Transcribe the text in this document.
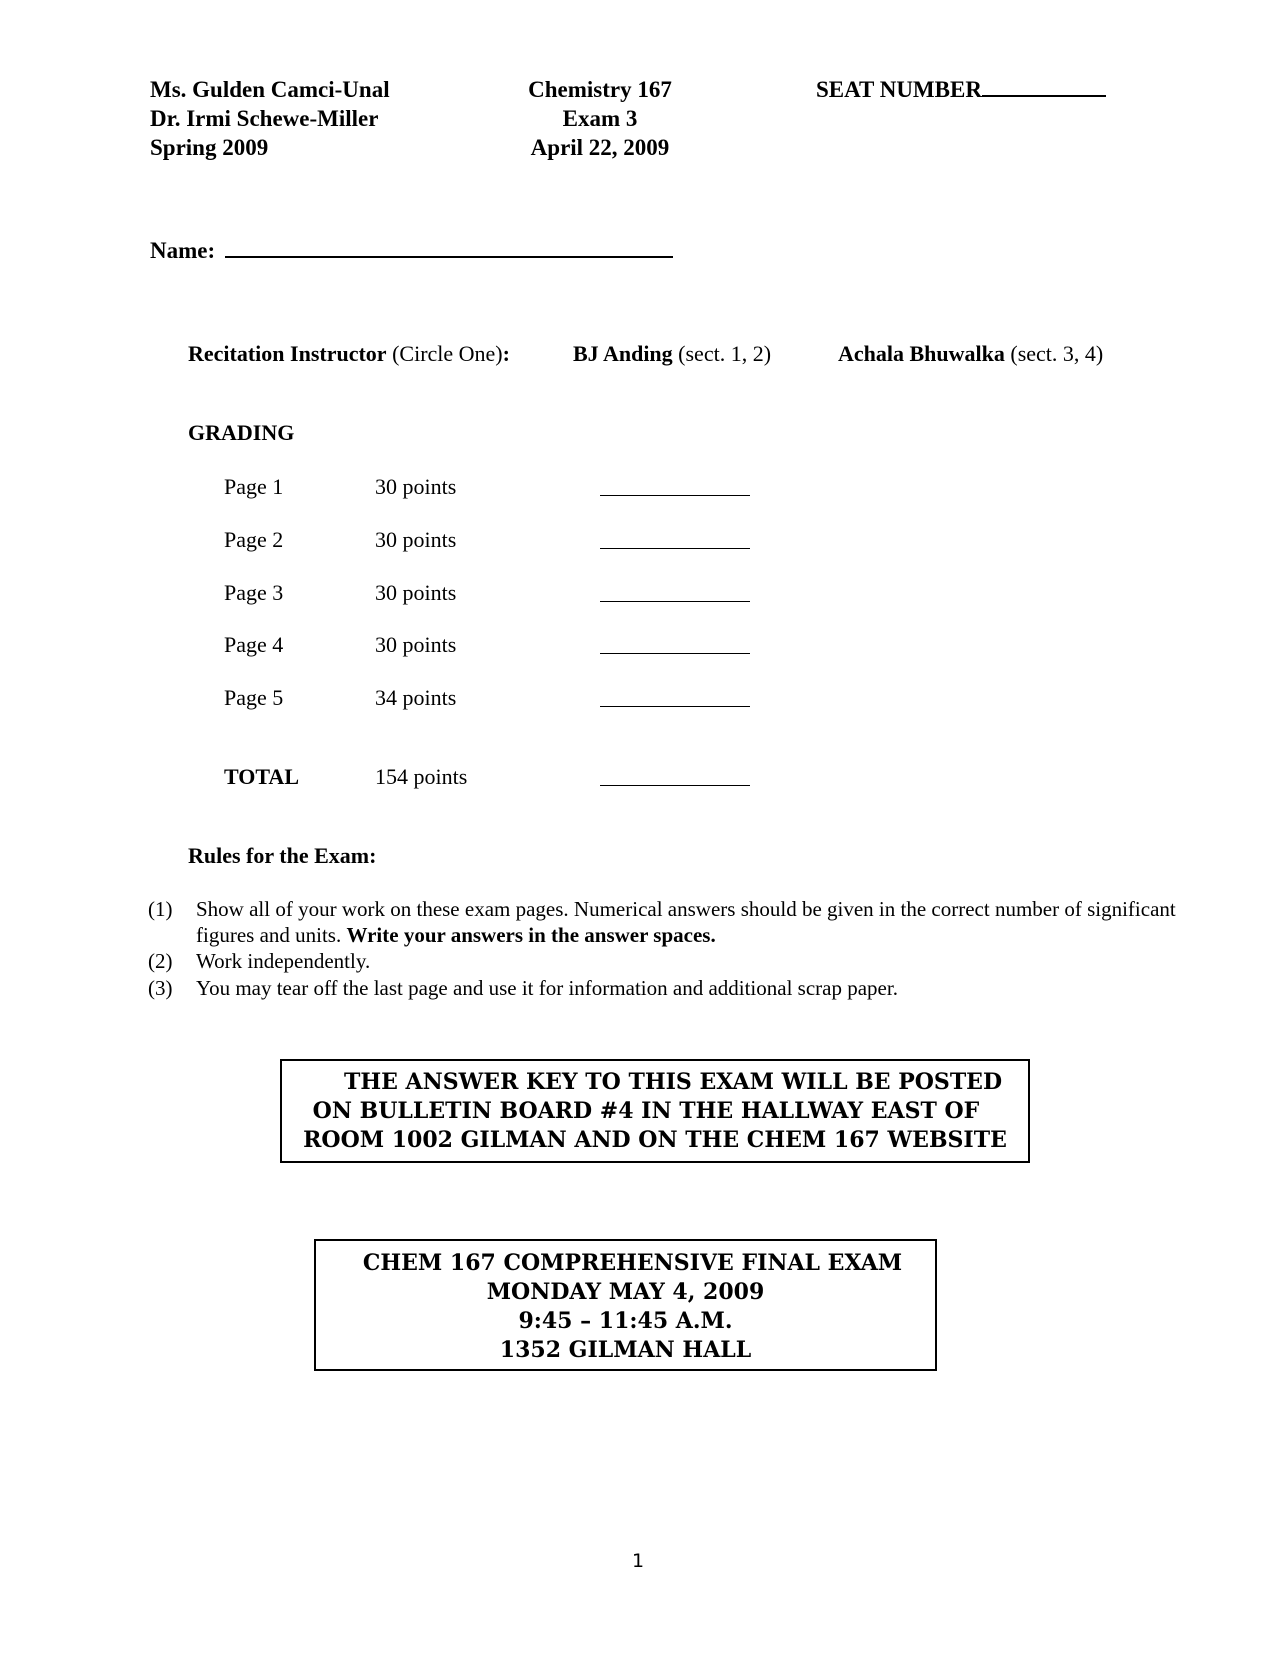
Ms. Gulden Camci-Unal
Dr. Irmi Schewe-Miller
Spring 2009
Chemistry 167
Exam 3
April 22, 2009
SEAT NUMBER
Name:
Recitation Instructor (Circle One):	BJ Anding (sect. 1, 2)	Achala Bhuwalka (sect. 3, 4)
GRADING
Page 1	30 points
Page 2	30 points
Page 3	30 points
Page 4	30 points
Page 5	34 points
TOTAL	154 points
Rules for the Exam:
(1) Show all of your work on these exam pages. Numerical answers should be given in the correct number of significant figures and units. Write your answers in the answer spaces.
(2) Work independently.
(3) You may tear off the last page and use it for information and additional scrap paper.
THE ANSWER KEY TO THIS EXAM WILL BE POSTED
ON BULLETIN BOARD #4 IN THE HALLWAY EAST OF
ROOM 1002 GILMAN AND ON THE CHEM 167 WEBSITE
CHEM 167 COMPREHENSIVE FINAL EXAM
MONDAY MAY 4, 2009
9:45 – 11:45 A.M.
1352 GILMAN HALL
1
